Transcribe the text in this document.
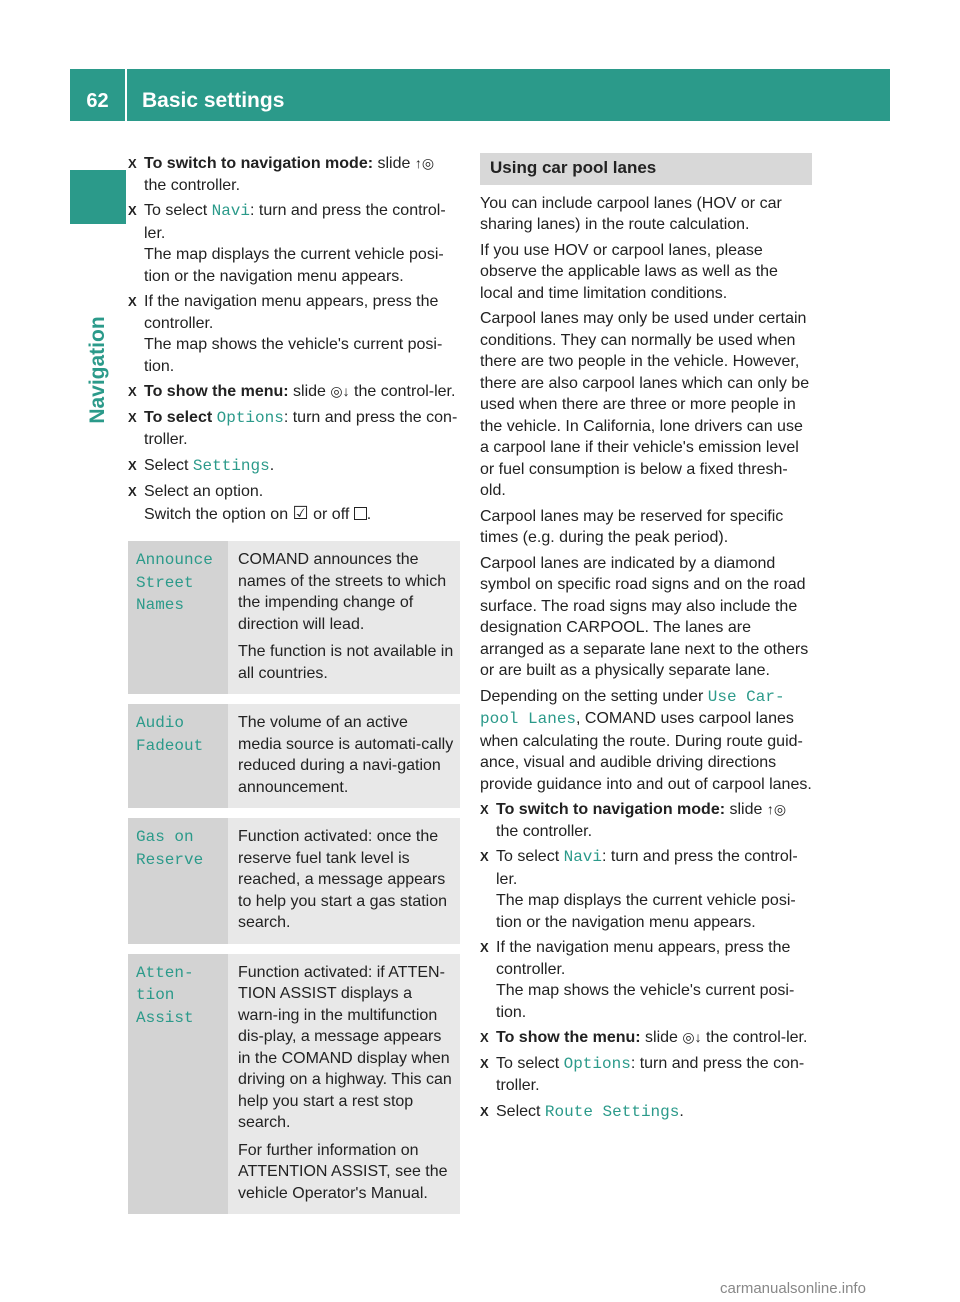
62	Basic settings
Navigation
X To switch to navigation mode: slide ↑◎ the controller.
X To select Navi: turn and press the control-ler.
The map displays the current vehicle posi-tion or the navigation menu appears.
X If the navigation menu appears, press the controller.
The map shows the vehicle's current posi-tion.
X To show the menu: slide ◎↓ the control-ler.
X To select Options: turn and press the con-troller.
X Select Settings.
X Select an option.
Switch the option on ☑ or off .
Announce Street Names	COMAND announces the names of the streets to which the impending change of direction will lead.

The function is not available in all countries.

Audio Fadeout	The volume of an active media source is automati-cally reduced during a navi-gation announcement.

Gas on Reserve	Function activated: once the reserve fuel tank level is reached, a message appears to help you start a gas station search.

Atten‐tion Assist	Function activated: if ATTEN-TION ASSIST displays a warn-ing in the multifunction dis-play, a message appears in the COMAND display when driving on a highway. This can help you start a rest stop search.

For further information on ATTENTION ASSIST, see the vehicle Operator's Manual.

Using car pool lanes

You can include carpool lanes (HOV or car sharing lanes) in the route calculation.

If you use HOV or carpool lanes, please observe the applicable laws as well as the local and time limitation conditions.

Carpool lanes may only be used under certain conditions. They can normally be used when there are two people in the vehicle. However, there are also carpool lanes which can only be used when there are three or more people in the vehicle. In California, lone drivers can use a carpool lane if their vehicle's emission level or fuel consumption is below a fixed thresh-old.

Carpool lanes may be reserved for specific times (e.g. during the peak period).

Carpool lanes are indicated by a diamond symbol on specific road signs and on the road surface. The road signs may also include the designation CARPOOL. The lanes are arranged as a separate lane next to the others or are built as a physically separate lane.

Depending on the setting under Use Car‐pool Lanes, COMAND uses carpool lanes when calculating the route. During route guid-ance, visual and audible driving directions provide guidance into and out of carpool lanes.

X To switch to navigation mode: slide ↑◎ the controller.
X To select Navi: turn and press the control-ler.
The map displays the current vehicle posi-tion or the navigation menu appears.
X If the navigation menu appears, press the controller.
The map shows the vehicle's current posi-tion.
X To show the menu: slide ◎↓ the control-ler.
X To select Options: turn and press the con-troller.
X Select Route Settings.
carmanualsonline.info
